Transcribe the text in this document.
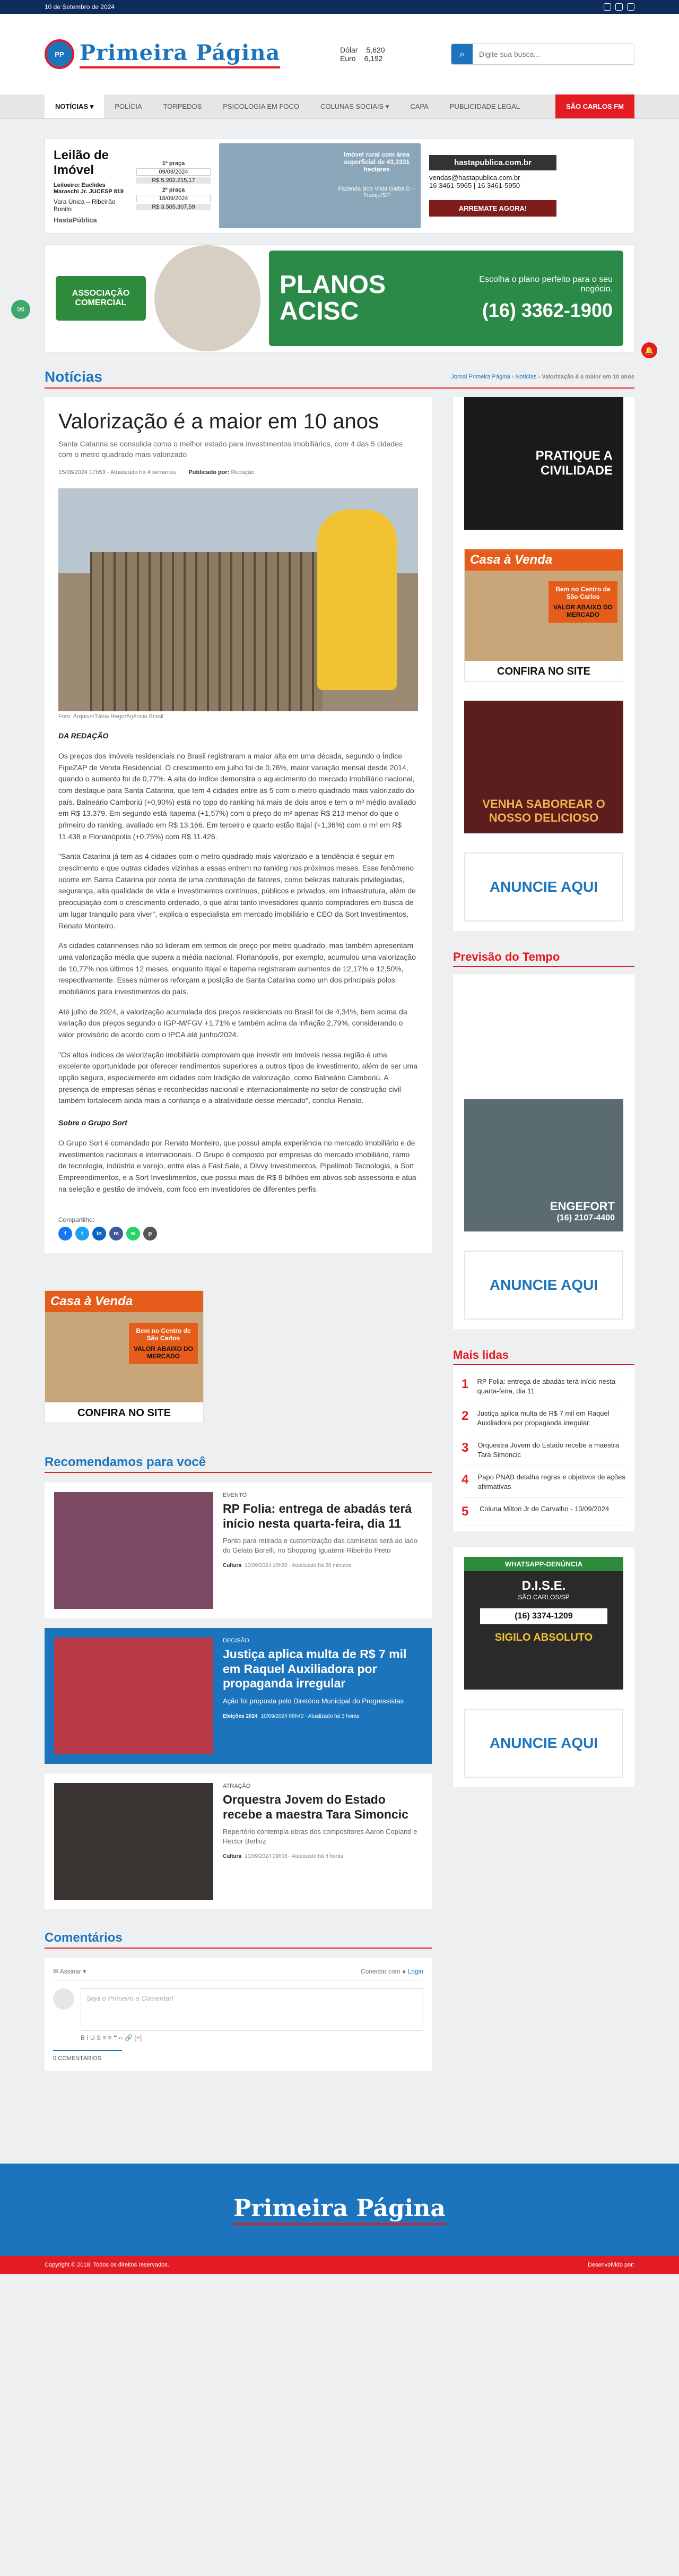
10 de Setembro de 2024
PP Primeira Página	Dólar 5,620
Euro 6,192	⌕
Digite sua busca...
NOTÍCIAS ▾	POLÍCIA	TORPEDOS	PSICOLOGIA EM FOCO	COLUNAS SOCIAIS ▾	CAPA	PUBLICIDADE LEGAL	SÃO CARLOS FM
Leilão de Imóvel
Leiloeiro: Euclides Maraschi Jr. JUCESP 819
Vara Única – Ribeirão Bonito
HastaPública
1ª praça
09/09/2024
R$ 5.202.215,17
2ª praça
18/09/2024
R$ 3.505.307,59
Imóvel rural com área superficial de 43,3331 hectares
Fazenda Boa Vista Gleba D – Trabiju/SP
hastapublica.com.br
vendas@hastapublica.com.br
16 3461-5965 | 16 3461-5950
ARREMATE AGORA!
✉
🔔
ASSOCIAÇÃO COMERCIAL
PLANOS
ACISC
Escolha o plano perfeito para o seu negócio.
(16) 3362-1900
Notícias	Jornal Primeira Página › Notícias › Valorização é a maior em 10 anos
Valorização é a maior em 10 anos
Santa Catarina se consolida como o melhor estado para investimentos imobiliários, com 4 das 5 cidades com o metro quadrado mais valorizado
15/08/2024 17h53 - Atualizado há 4 semanas Publicado por: Redação
Foto: Arquivo/Tânia Rego/Agência Brasil

DA REDAÇÃO

Os preços dos imóveis residenciais no Brasil registraram a maior alta em uma década, segundo o Índice FipeZAP de Venda Residencial. O crescimento em julho foi de 0,76%, maior variação mensal desde 2014, quando o aumento foi de 0,77%. A alta do índice demonstra o aquecimento do mercado imobiliário nacional, com destaque para Santa Catarina, que tem 4 cidades entre as 5 com o metro quadrado mais valorizado do país. Balneário Camboriú (+0,90%) está no topo do ranking há mais de dois anos e tem o m² médio avaliado em R$ 13.379. Em segundo está Itapema (+1,57%) com o preço do m² apenas R$ 213 menor do que o primeiro do ranking, avaliado em R$ 13.166. Em terceiro e quarto estão Itajaí (+1,36%) com o m² em R$ 11.438 e Florianópolis (+0,75%) com R$ 11.426.

"Santa Catarina já tem as 4 cidades com o metro quadrado mais valorizado e a tendência é seguir em crescimento e que outras cidades vizinhas a essas entrem no ranking nos próximos meses. Esse fenômeno ocorre em Santa Catarina por conta de uma combinação de fatores, como belezas naturais privilegiadas, segurança, alta qualidade de vida e investimentos contínuos, públicos e privados, em infraestrutura, além de preocupação com o crescimento ordenado, o que atrai tanto investidores quanto compradores em busca de um lugar tranquilo para viver", explica o especialista em mercado imobiliário e CEO da Sort Investimentos, Renato Monteiro.

As cidades catarinenses não só lideram em termos de preço por metro quadrado, mas também apresentam uma valorização média que supera a média nacional. Florianópolis, por exemplo, acumulou uma valorização de 10,77% nos últimos 12 meses, enquanto Itajaí e Itapema registraram aumentos de 12,17% e 12,50%, respectivamente. Esses números reforçam a posição de Santa Catarina como um dos principais polos imobiliários para investimentos do país.

Até julho de 2024, a valorização acumulada dos preços residenciais no Brasil foi de 4,34%, bem acima da variação dos preços segundo o IGP-M/FGV +1,71% e também acima da inflação 2,79%, considerando o valor provisório de acordo com o IPCA até junho/2024.

"Os altos índices de valorização imobiliária comprovam que investir em imóveis nessa região é uma excelente oportunidade por oferecer rendimentos superiores a outros tipos de investimento, além de ser uma opção segura, especialmente em cidades com tradição de valorização, como Balneário Camboriú. A presença de empresas sérias e reconhecidas nacional e internacionalmente no setor de construção civil também fortalecem ainda mais a confiança e a atratividade desse mercado", conclui Renato.

Sobre o Grupo Sort

O Grupo Sort é comandado por Renato Monteiro, que possui ampla experiência no mercado imobiliário e de investimentos nacionais e internacionais. O Grupo é composto por empresas do mercado imobiliário, ramo de tecnologia, indústria e varejo, entre elas a Fast Sale, a Divvy Investimentos, Pipelimob Tecnologia, a Sort Empreendimentos, e a Sort Investimentos, que possui mais de R$ 8 bilhões em ativos sob assessoria e atua na seleção e gestão de imóveis, com foco em investidores de diferentes perfis.

Compartilhe:
f	t	in	m	w	p
Casa à Venda
Bem no Centro de São Carlos
VALOR ABAIXO DO MERCADO
CONFIRA NO SITE
Recomendamos para você
EVENTO
RP Folia: entrega de abadás terá início nesta quarta-feira, dia 11
Ponto para retirada e customização das camisetas será ao lado do Gelato Borelli, no Shopping Iguatemi Ribeirão Preto
Cultura 10/09/2024 10h20 - Atualizado há 56 minutos
DECISÃO
Justiça aplica multa de R$ 7 mil em Raquel Auxiliadora por propaganda irregular
Ação foi proposta pelo Diretório Municipal do Progressistas
Eleições 2024 10/09/2024 08h40 - Atualizado há 3 horas
ATRAÇÃO
Orquestra Jovem do Estado recebe a maestra Tara Simoncic
Repertório contempla obras dos compositores Aaron Copland e Hector Berlioz
Cultura 10/09/2024 09h08 - Atualizado há 4 horas
Comentários
✉ Assinar ▾	Conectar com ● Login
Seja o Primeiro a Comentar!
B I U S ≡ ≡ ❝ ‹› 🔗 [+]
0 COMENTÁRIOS
PRATIQUE A CIVILIDADE
Casa à Venda
Bem no Centro de São Carlos
VALOR ABAIXO DO MERCADO
CONFIRA NO SITE
VENHA SABOREAR O NOSSO DELICIOSO
ANUNCIE AQUI
Previsão do Tempo
ENGEFORT
(16) 2107-4400
ANUNCIE AQUI
Mais lidas
1 RP Folia: entrega de abadás terá início nesta quarta-feira, dia 11
2 Justiça aplica multa de R$ 7 mil em Raquel Auxiliadora por propaganda irregular
3 Orquestra Jovem do Estado recebe a maestra Tara Simoncic
4 Papo PNAB detalha regras e objetivos de ações afirmativas
5	Coluna Milton Jr de Carvalho - 10/09/2024
WHATSAPP-DENÚNCIA
D.I.S.E.
SÃO CARLOS/SP
(16) 3374-1209
SIGILO ABSOLUTO
ANUNCIE AQUI
Primeira Página
Copyright © 2018. Todos os direitos reservados.	Desenvolvido por:
